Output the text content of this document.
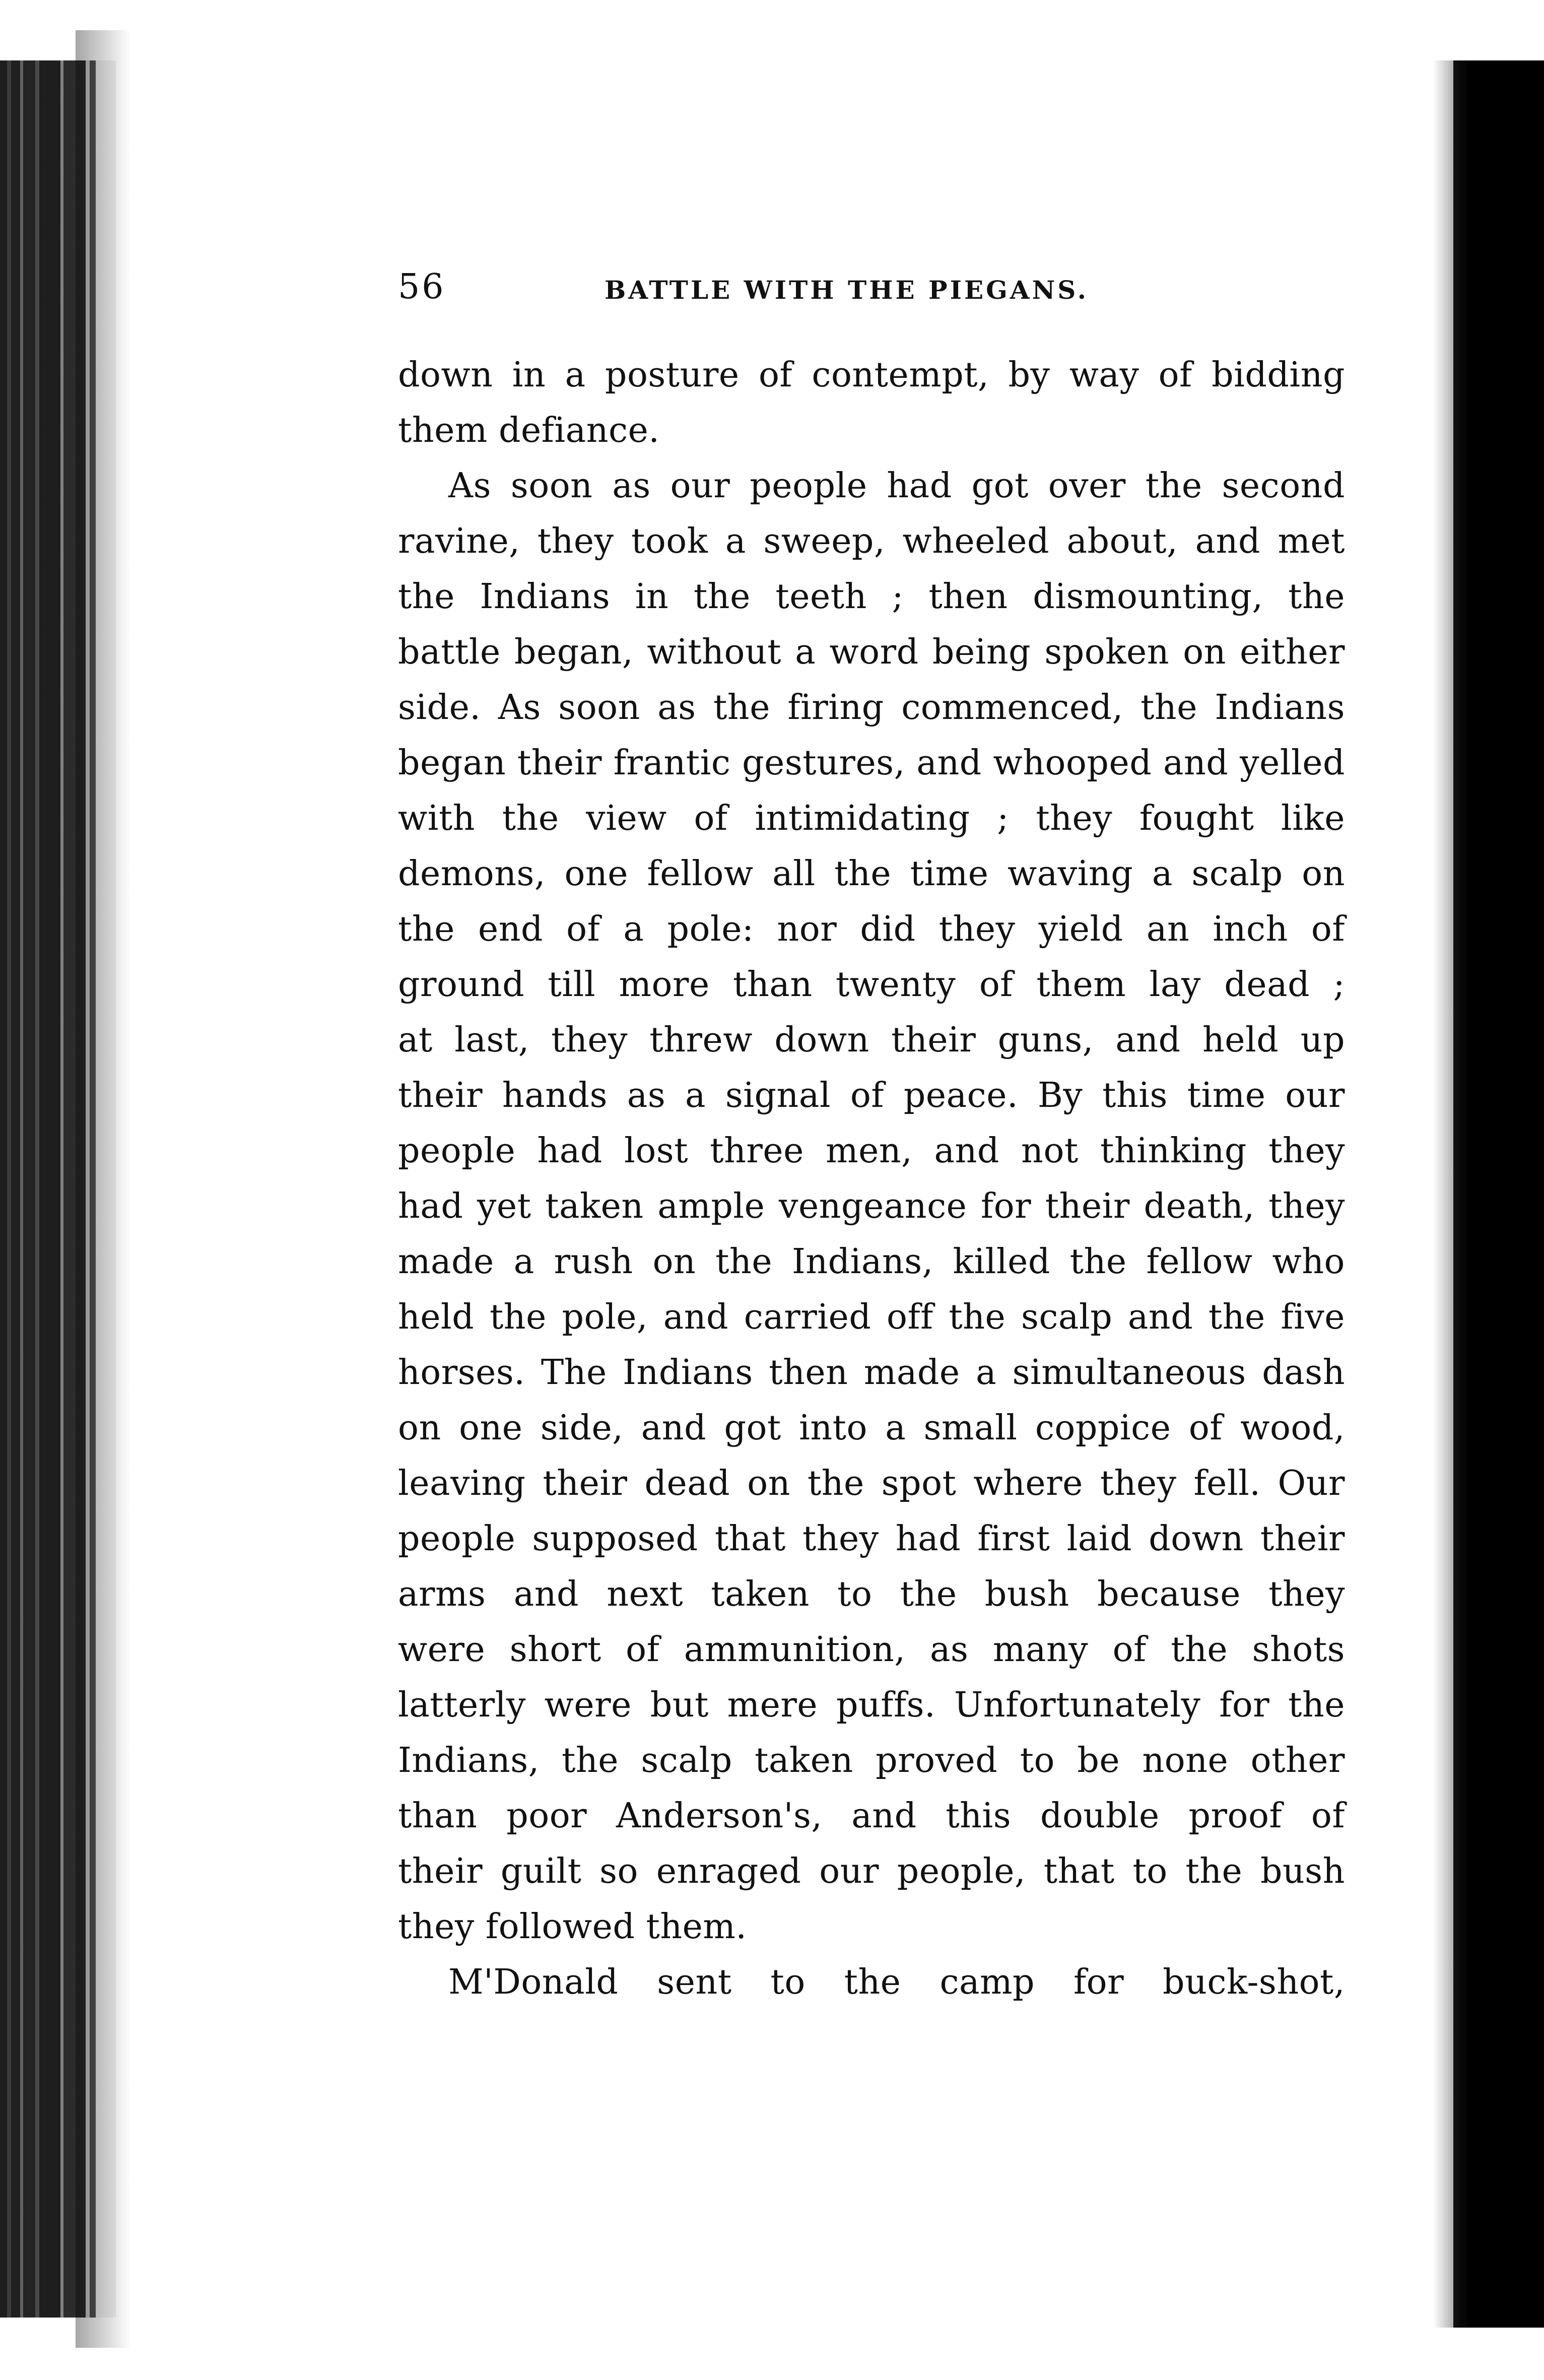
56	BATTLE WITH THE PIEGANS.
down in a posture of contempt, by way of bidding
them defiance.
As soon as our people had got over the second
ravine, they took a sweep, wheeled about, and met
the Indians in the teeth ; then dismounting, the
battle began, without a word being spoken on either
side. As soon as the firing commenced, the Indians
began their frantic gestures, and whooped and yelled
with the view of intimidating ; they fought like
demons, one fellow all the time waving a scalp on
the end of a pole: nor did they yield an inch of
ground till more than twenty of them lay dead ;
at last, they threw down their guns, and held up
their hands as a signal of peace. By this time our
people had lost three men, and not thinking they
had yet taken ample vengeance for their death, they
made a rush on the Indians, killed the fellow who
held the pole, and carried off the scalp and the five
horses. The Indians then made a simultaneous dash
on one side, and got into a small coppice of wood,
leaving their dead on the spot where they fell. Our
people supposed that they had first laid down their
arms and next taken to the bush because they
were short of ammunition, as many of the shots
latterly were but mere puffs. Unfortunately for the
Indians, the scalp taken proved to be none other
than poor Anderson's, and this double proof of
their guilt so enraged our people, that to the bush
they followed them.
M'Donald sent to the camp for buck-shot,
